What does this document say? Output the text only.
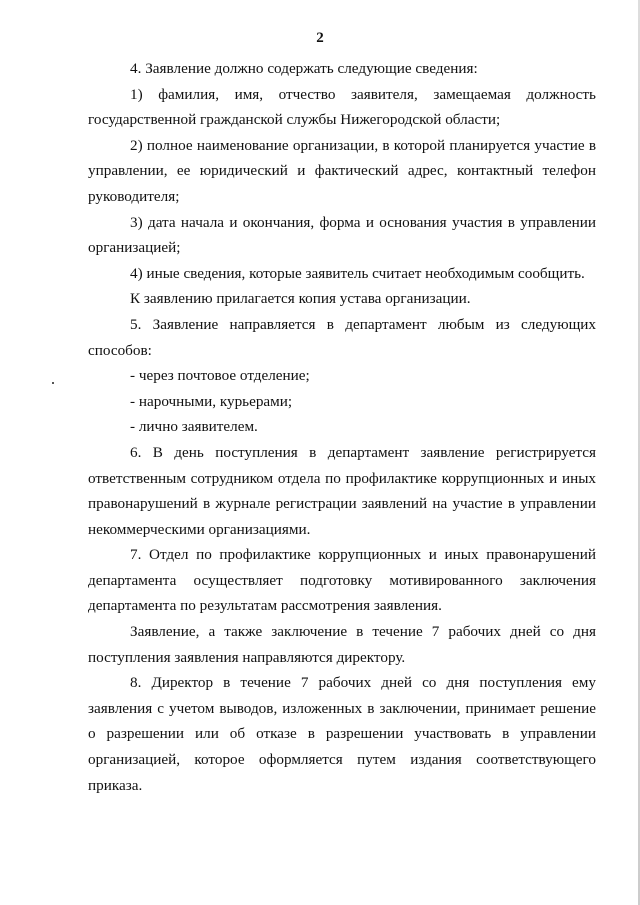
2

4. Заявление должно содержать следующие сведения:

1) фамилия, имя, отчество заявителя, замещаемая должность государственной гражданской службы Нижегородской области;

2) полное наименование организации, в которой планируется участие в управлении, ее юридический и фактический адрес, контактный телефон руководителя;

3) дата начала и окончания, форма и основания участия в управлении организацией;

4) иные сведения, которые заявитель считает необходимым сообщить.

К заявлению прилагается копия устава организации.

5. Заявление направляется в департамент любым из следующих способов:

- через почтовое отделение;

- нарочными, курьерами;

- лично заявителем.

6. В день поступления в департамент заявление регистрируется ответственным сотрудником отдела по профилактике коррупционных и иных правонарушений в журнале регистрации заявлений на участие в управлении некоммерческими организациями.

7. Отдел по профилактике коррупционных и иных правонарушений департамента осуществляет подготовку мотивированного заключения департамента по результатам рассмотрения заявления.

Заявление, а также заключение в течение 7 рабочих дней со дня поступления заявления направляются директору.

8. Директор в течение 7 рабочих дней со дня поступления ему заявления с учетом выводов, изложенных в заключении, принимает решение о разрешении или об отказе в разрешении участвовать в управлении организацией, которое оформляется путем издания соответствующего приказа.
